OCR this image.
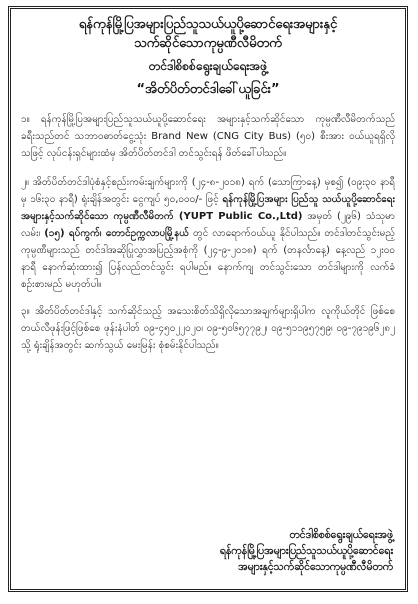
ရန်ကုန်မြို့ပြအများပြည်သူသယ်ယူပို့ဆောင်ရေးအများနှင့်

သက်ဆိုင်သောကုမ္ပဏီလီမိတက်

တင်ဒါစိစစ်ရွေးချယ်ရေးအဖွဲ့

“အိတ်ပိတ်တင်ဒါခေါ်ယူခြင်း”

၁။ ရန်ကုန်မြို့ပြအများပြည်သူသယ်ယူပို့ဆောင်ရေး အများနှင့်သက်ဆိုင်သော ကုမ္ပဏီလီမိတက်သည် ခရီးသည်တင် သဘာဝဓာတ်ငွေ့သုံး Brand New (CNG City Bus) (၅၀) စီးအား ဝယ်ယူရရှိလိုသဖြင့် လုပ်ငန်းရှင်များထံမှ အိတ်ပိတ်တင်ဒါ တင်သွင်းရန် ဖိတ်ခေါ်ပါသည်။

၂။ အိတ်ပိတ်တင်ဒါပုံစံနှင့်စည်းကမ်းချက်များကို (၂၄-၈-၂၀၁၈) ရက် (သောကြာနေ့) မှစ၍ (၀၉း၃၀ နာရီ မှ ၁၆း၃၀ နာရီ) ရုံးချိန်အတွင်း ငွေကျပ် ၅၀,၀၀၀/- ဖြင့် ရန်ကုန်မြို့ပြအများ ပြည်သူ သယ်ယူပို့ဆောင်ရေး အများနှင့်သက်ဆိုင်သော ကုမ္ပဏီလီမိတက် (YUPT Public Co.,Ltd) အမှတ် (၂၉၆) သံသုမာလမ်း၊ (၁၅) ရပ်ကွက်၊ တောင်ဥက္ကလာပမြို့နယ် တွင် လာရောက်ဝယ်ယူ နိုင်ပါသည်။ တင်ဒါတင်သွင်းမည့် ကုမ္ပဏီများသည် တင်ဒါအဆိုပြုလွှာအပြည့်အစုံကို (၂၄-၉-၂၀၁၈) ရက် (တနင်္လာနေ့) နေ့လည် ၁၂း၀၀ နာရီ နောက်ဆုံးထား၍ ပြန်လည်တင်သွင်း ရပါမည်။ နောက်ကျ တင်သွင်းသော တင်ဒါများကို လက်ခံစဉ်းစားမည် မဟုတ်ပါ။

၃။ အိတ်ပိတ်တင်ဒါနှင့် သက်ဆိုင်သည့် အသေးစိတ်သိရှိလိုသောအချက်များရှိပါက လူကိုယ်တိုင် ဖြစ်စေ တယ်လီဖုန်းဖြင့်ဖြစ်စေ ဖုန်းနံပါတ် ၀၉-၄၅၀၂၂၀၂၀၊ ၀၉-၅၀၆၅၇၇၉၂၊ ၀၉-၅၁၁၉၅၇၅၉၊ ၀၉-၇၉၁၉၆၂၈၂ သို့ ရုံးချိန်အတွင်း ဆက်သွယ် မေးမြန်း စုံစမ်းနိုင်ပါသည်။

တင်ဒါစိစစ်ရွေးချယ်ရေးအဖွဲ့
ရန်ကုန်မြို့ပြအများပြည်သူသယ်ယူပို့ဆောင်ရေး
အများနှင့်သက်ဆိုင်သောကုမ္ပဏီလီမိတက်
